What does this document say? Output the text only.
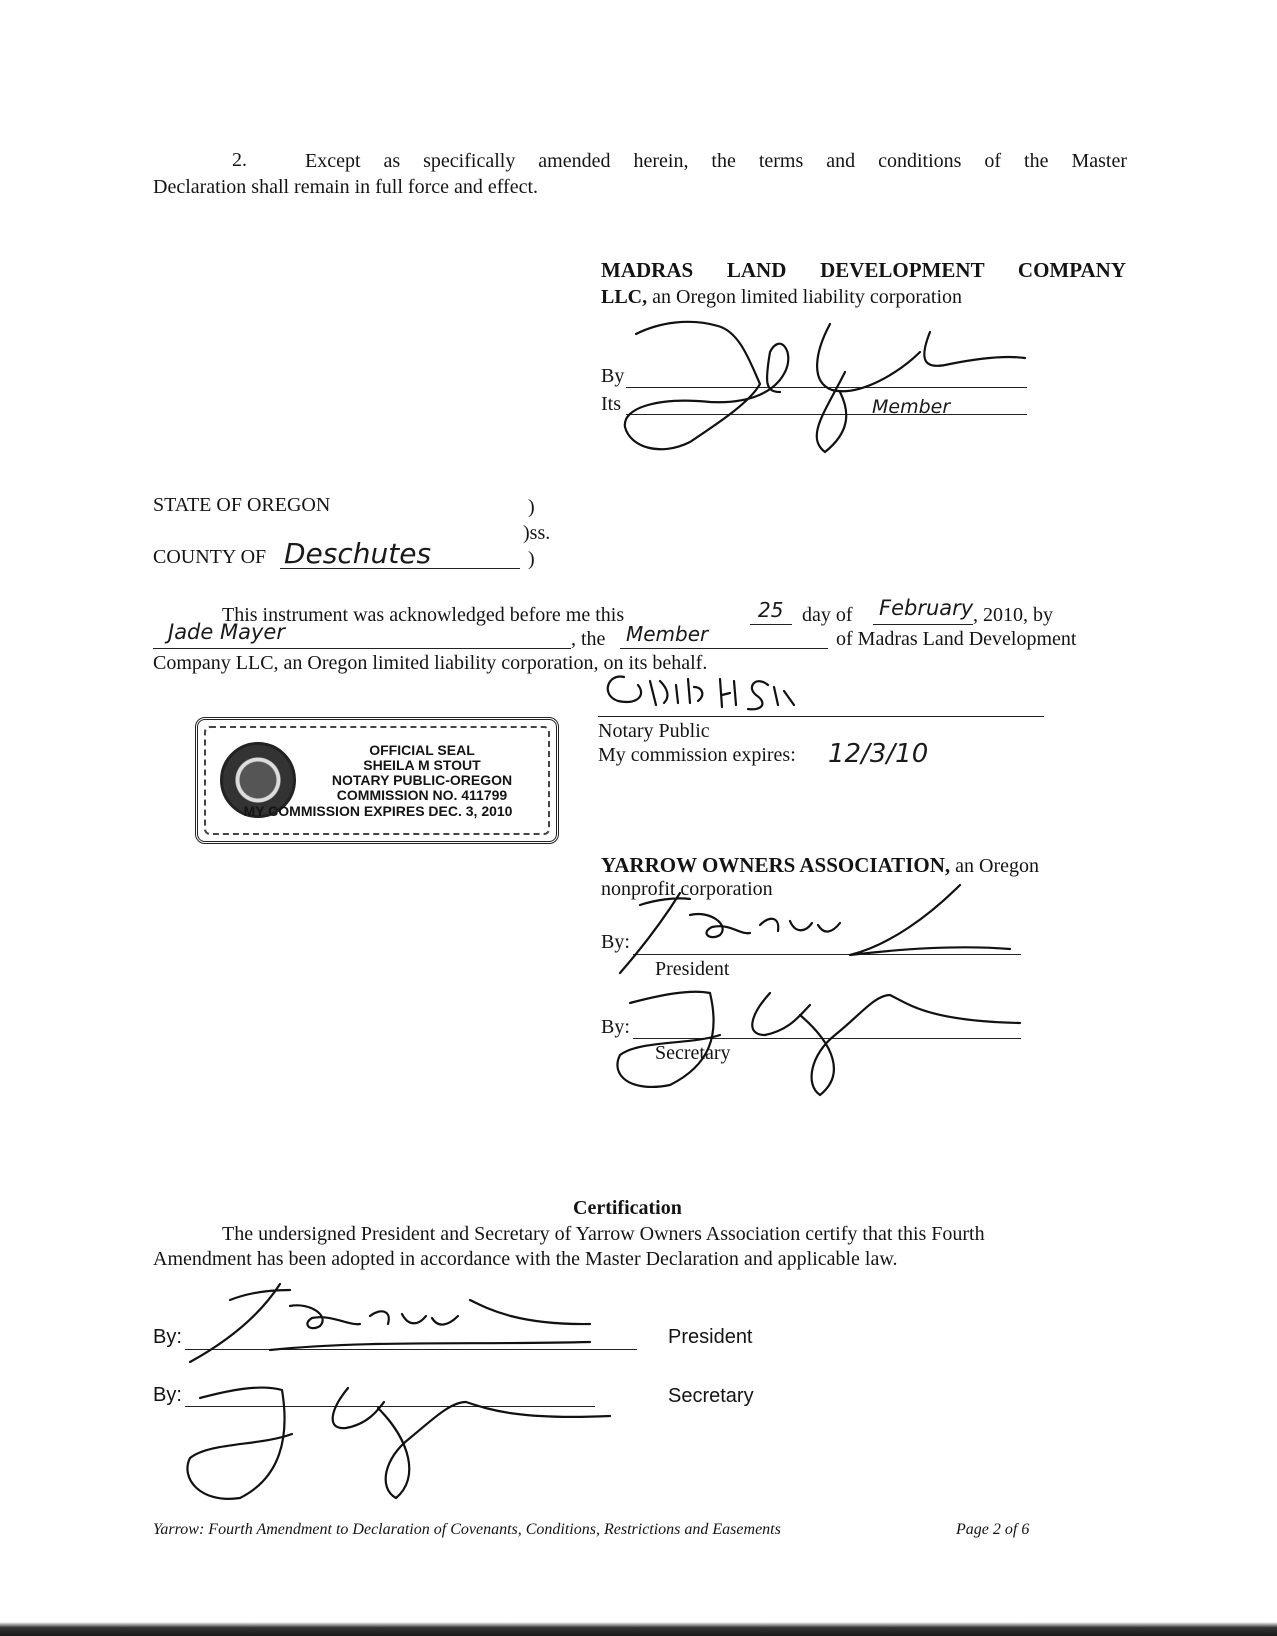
2.	Except as specifically amended herein, the terms and conditions of the Master
Declaration shall remain in full force and effect.
MADRAS LAND DEVELOPMENT COMPANY
LLC, an Oregon limited liability corporation
By
Its	Member
STATE OF OREGON	)
)ss.
COUNTY OF Deschutes	)
This instrument was acknowledged before me this	25 day of February , 2010, by
Jade Mayer	, the Member	of Madras Land Development
Company LLC, an Oregon limited liability corporation, on its behalf.
Notary Public
My commission expires: 12/3/10
OFFICIAL SEAL
SHEILA M STOUT
NOTARY PUBLIC-OREGON
COMMISSION NO. 411799
MY COMMISSION EXPIRES DEC. 3, 2010
YARROW OWNERS ASSOCIATION, an Oregon
nonprofit corporation
By:
President
By:
Secretary
Certification
The undersigned President and Secretary of Yarrow Owners Association certify that this Fourth
Amendment has been adopted in accordance with the Master Declaration and applicable law.
By:	President
By:	Secretary
Yarrow: Fourth Amendment to Declaration of Covenants, Conditions, Restrictions and Easements	Page 2 of 6
